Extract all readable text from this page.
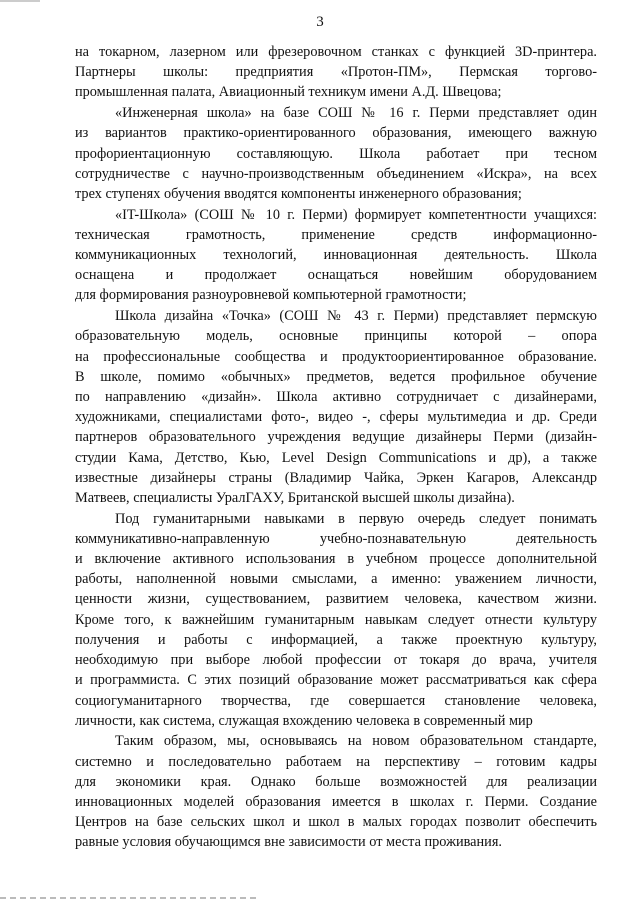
3
на токарном, лазерном или фрезеровочном станках с функцией 3D-принтера.
Партнеры школы: предприятия «Протон-ПМ», Пермская торгово-
промышленная палата, Авиационный техникум имени А.Д. Швецова;
«Инженерная школа» на базе СОШ № 16 г. Перми представляет один
из вариантов практико-ориентированного образования, имеющего важную
профориентационную составляющую. Школа работает при тесном
сотрудничестве с научно-производственным объединением «Искра», на всех
трех ступенях обучения вводятся компоненты инженерного образования;
«IT-Школа» (СОШ № 10 г. Перми) формирует компетентности учащихся:
техническая грамотность, применение средств информационно-
коммуникационных технологий, инновационная деятельность. Школа
оснащена и продолжает оснащаться новейшим оборудованием
для формирования разноуровневой компьютерной грамотности;
Школа дизайна «Точка» (СОШ № 43 г. Перми) представляет пермскую
образовательную модель, основные принципы которой – опора
на профессиональные сообщества и продуктоориентированное образование.
В школе, помимо «обычных» предметов, ведется профильное обучение
по направлению «дизайн». Школа активно сотрудничает с дизайнерами,
художниками, специалистами фото-, видео -, сферы мультимедиа и др. Среди
партнеров образовательного учреждения ведущие дизайнеры Перми (дизайн-
студии Кама, Детство, Кью, Level Design Communications и др), а также
известные дизайнеры страны (Владимир Чайка, Эркен Кагаров, Александр
Матвеев, специалисты УралГАХУ, Британской высшей школы дизайна).
Под гуманитарными навыками в первую очередь следует понимать
коммуникативно-направленную учебно-познавательную деятельность
и включение активного использования в учебном процессе дополнительной
работы, наполненной новыми смыслами, а именно: уважением личности,
ценности жизни, существованием, развитием человека, качеством жизни.
Кроме того, к важнейшим гуманитарным навыкам следует отнести культуру
получения и работы с информацией, а также проектную культуру,
необходимую при выборе любой профессии от токаря до врача, учителя
и программиста. С этих позиций образование может рассматриваться как сфера
социогуманитарного творчества, где совершается становление человека,
личности, как система, служащая вхождению человека в современный мир
Таким образом, мы, основываясь на новом образовательном стандарте,
системно и последовательно работаем на перспективу – готовим кадры
для экономики края. Однако больше возможностей для реализации
инновационных моделей образования имеется в школах г. Перми. Создание
Центров на базе сельских школ и школ в малых городах позволит обеспечить
равные условия обучающимся вне зависимости от места проживания.
